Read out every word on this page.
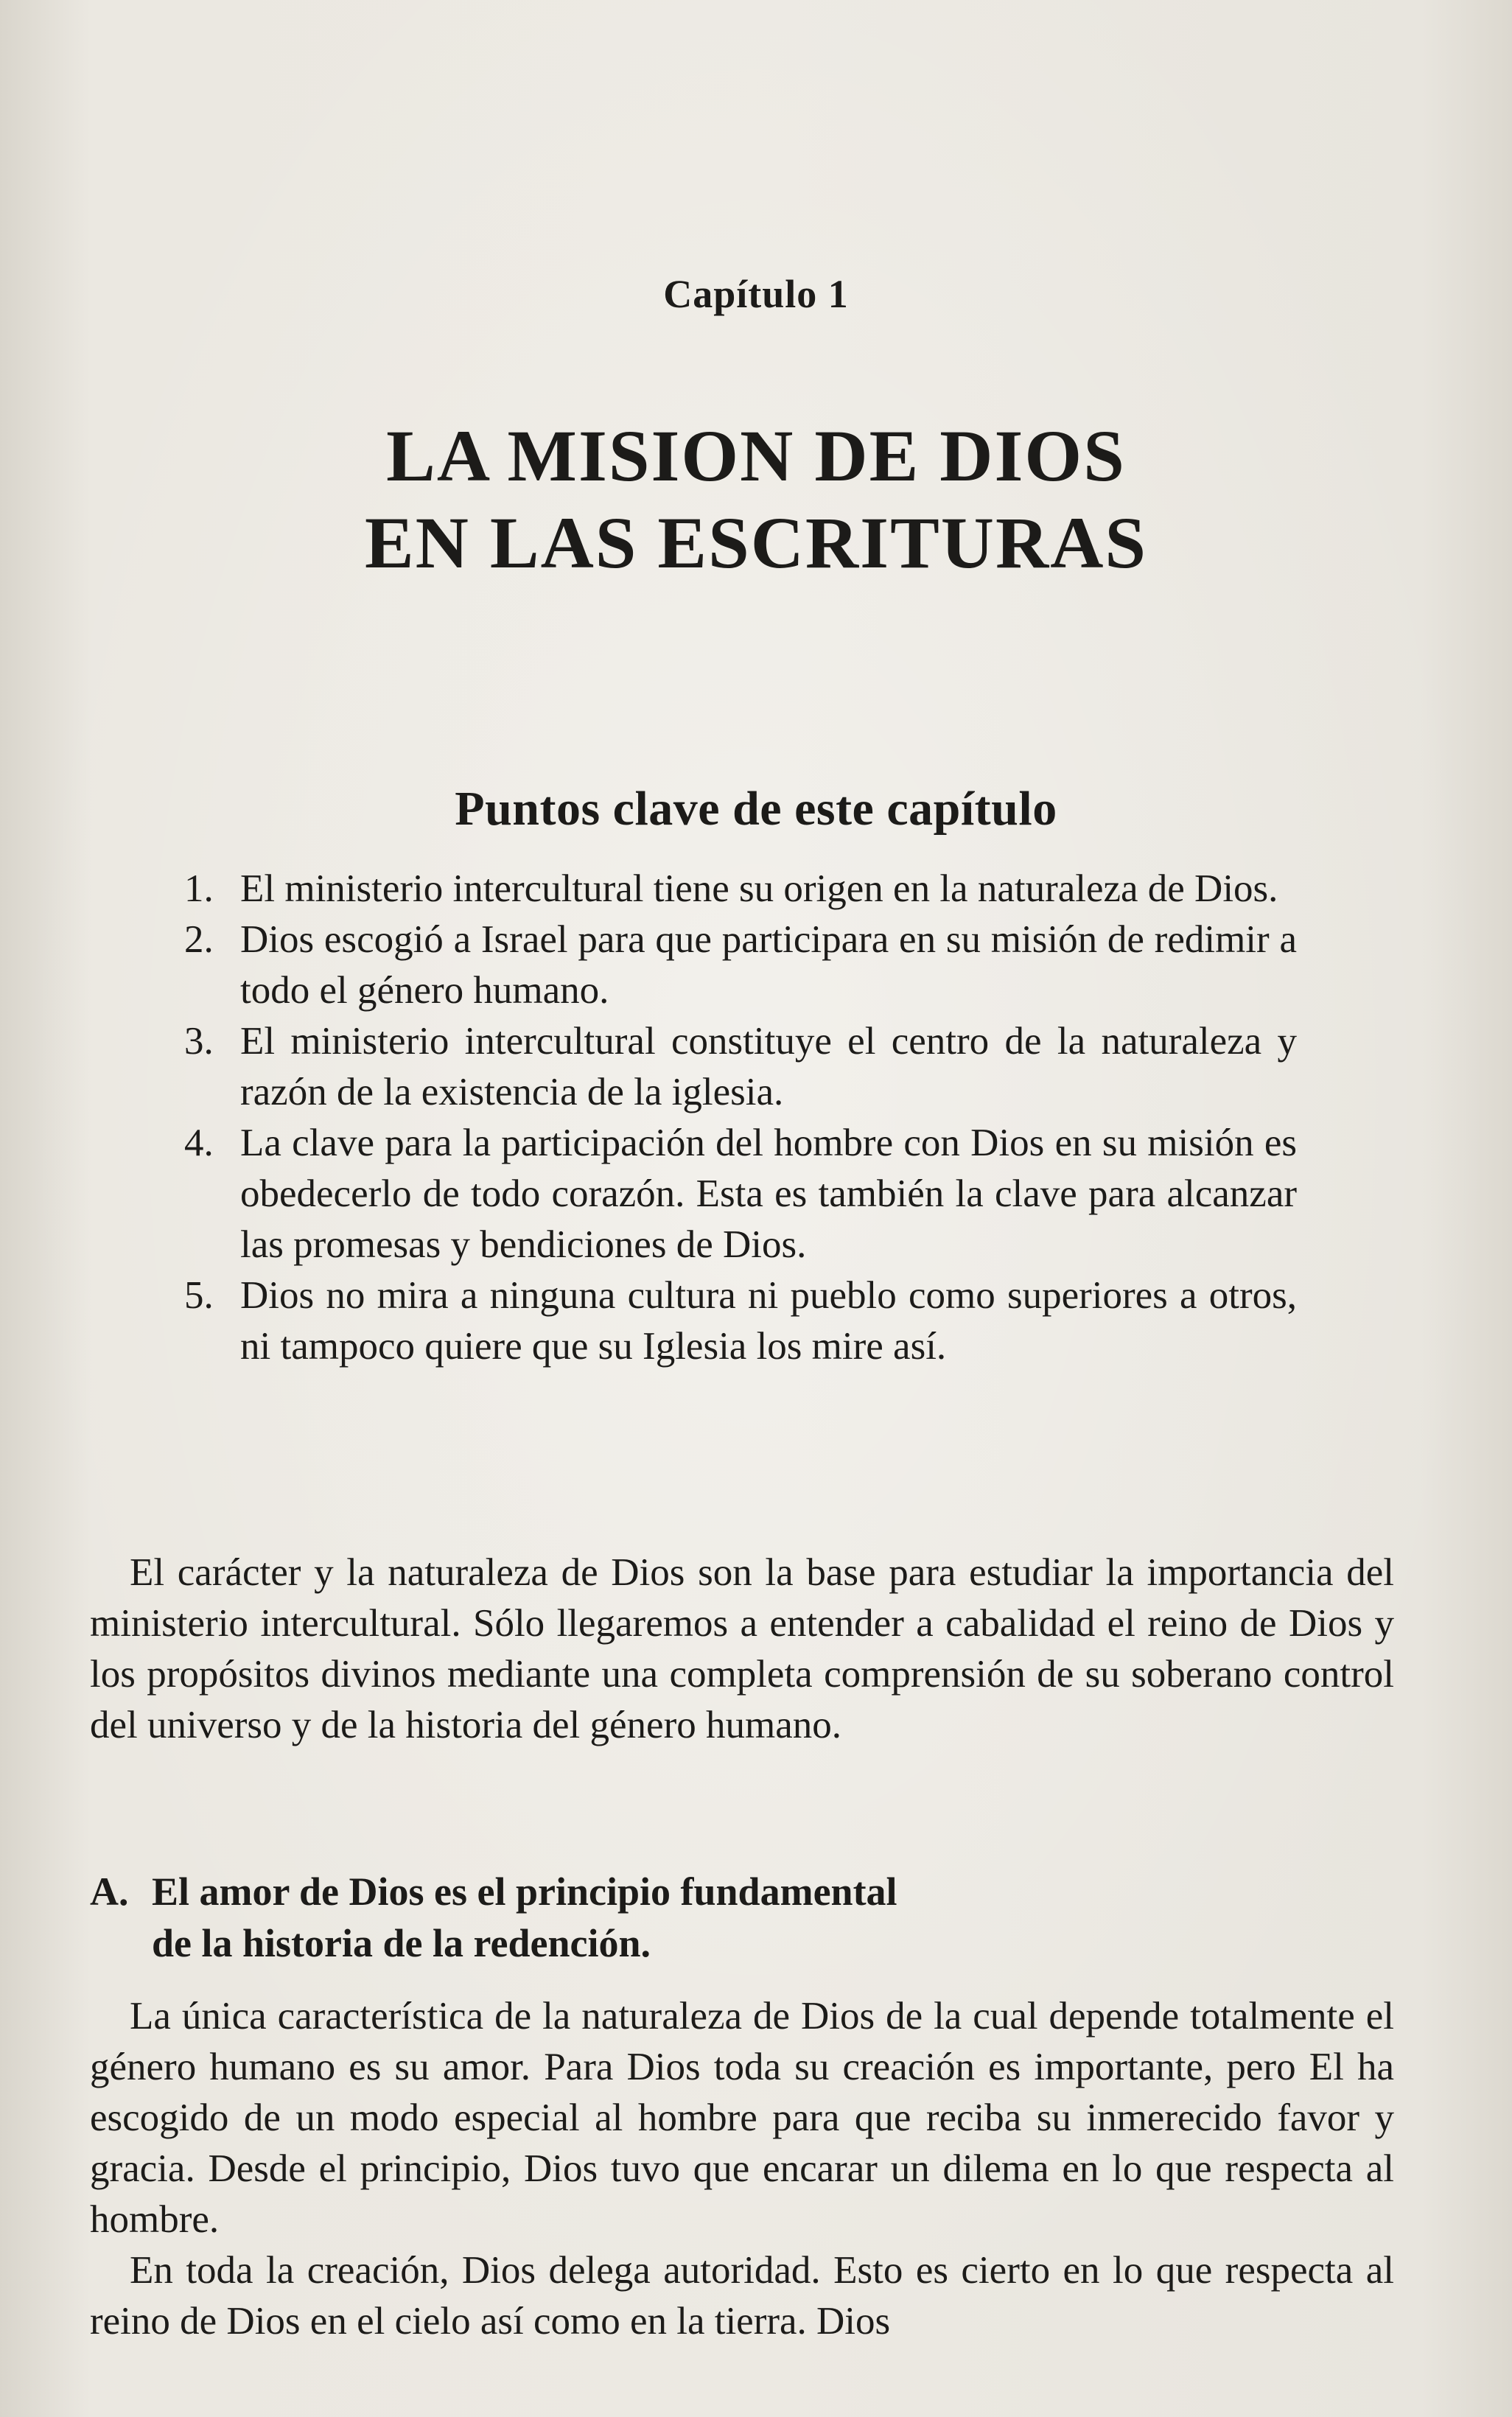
Capítulo 1
LA MISION DE DIOS
EN LAS ESCRITURAS
Puntos clave de este capítulo
1. El ministerio intercultural tiene su origen en la naturaleza de Dios.
2. Dios escogió a Israel para que participara en su misión de redimir a todo el género humano.
3. El ministerio intercultural constituye el centro de la naturaleza y razón de la existencia de la iglesia.
4. La clave para la participación del hombre con Dios en su misión es obedecerlo de todo corazón. Esta es también la clave para alcanzar las promesas y bendiciones de Dios.
5. Dios no mira a ninguna cultura ni pueblo como superiores a otros, ni tampoco quiere que su Iglesia los mire así.

El carácter y la naturaleza de Dios son la base para estudiar la importancia del ministerio intercultural. Sólo llegaremos a entender a cabalidad el reino de Dios y los propósitos divinos mediante una completa comprensión de su soberano control del universo y de la historia del género humano.

A. El amor de Dios es el principio fundamental
de la historia de la redención.

La única característica de la naturaleza de Dios de la cual depende totalmente el género humano es su amor. Para Dios toda su creación es importante, pero El ha escogido de un modo especial al hombre para que reciba su inmerecido favor y gracia. Desde el principio, Dios tuvo que encarar un dilema en lo que respecta al hombre.

En toda la creación, Dios delega autoridad. Esto es cierto en lo que respecta al reino de Dios en el cielo así como en la tierra. Dios
